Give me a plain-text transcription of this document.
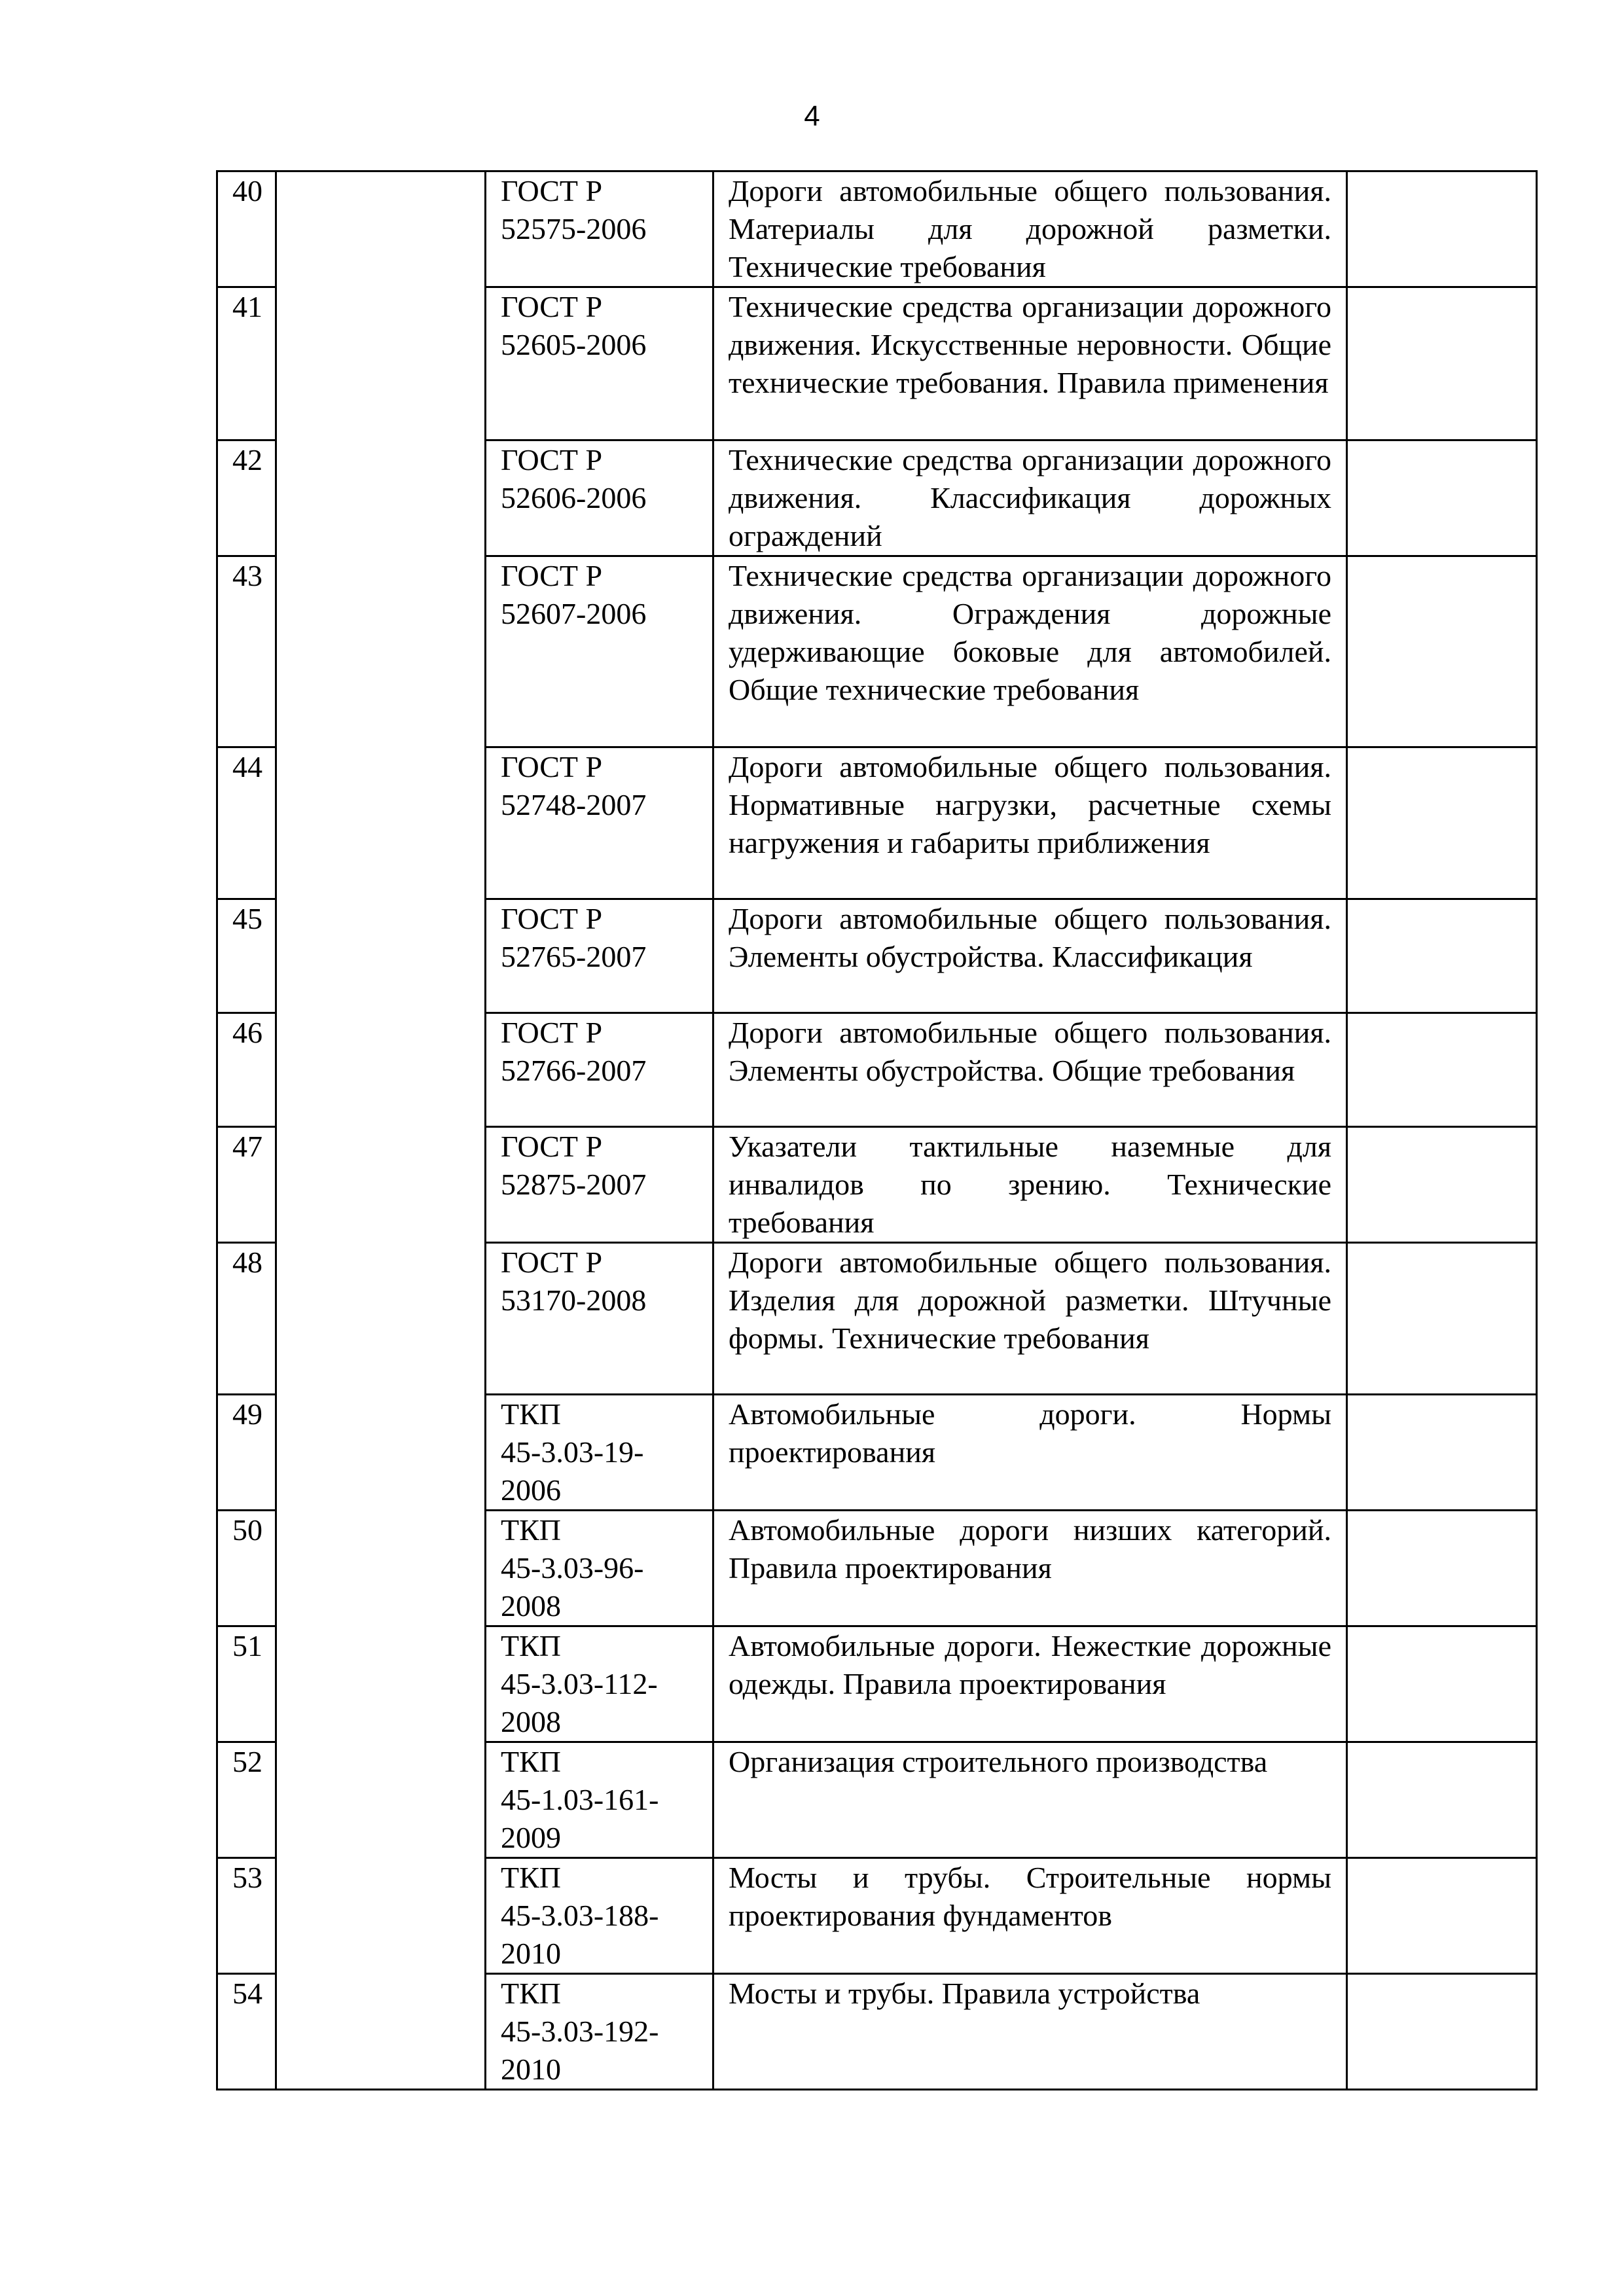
4
40		ГОСТ Р
52575-2006	Дороги автомобильные общего пользования. Материалы для дорожной разметки. Технические требования	
41		ГОСТ Р
52605-2006	Технические средства организации дорожного движения. Искусственные неровности. Общие технические требования. Правила применения	
42		ГОСТ Р
52606-2006	Технические средства организации дорожного движения. Классификация дорожных ограждений	
43		ГОСТ Р
52607-2006	Технические средства организации дорожного движения. Ограждения дорожные удерживающие боковые для автомобилей. Общие технические требования	
44		ГОСТ Р
52748-2007	Дороги автомобильные общего пользования. Нормативные нагрузки, расчетные схемы нагружения и габариты приближения	
45		ГОСТ Р
52765-2007	Дороги автомобильные общего пользования. Элементы обустройства. Классификация	
46		ГОСТ Р
52766-2007	Дороги автомобильные общего пользования. Элементы обустройства. Общие требования	
47		ГОСТ Р
52875-2007	Указатели тактильные наземные для инвалидов по зрению. Технические требования	
48		ГОСТ Р
53170-2008	Дороги автомобильные общего пользования. Изделия для дорожной разметки. Штучные формы. Технические требования	
49		ТКП
45-3.03-19-
2006	Автомобильные дороги. Нормы проектирования	
50		ТКП
45-3.03-96-
2008	Автомобильные дороги низших категорий. Правила проектирования	
51		ТКП
45-3.03-112-
2008	Автомобильные дороги. Нежесткие дорожные одежды. Правила проектирования	
52		ТКП
45-1.03-161-
2009	Организация строительного производства	
53		ТКП
45-3.03-188-
2010	Мосты и трубы. Строительные нормы проектирования фундаментов	
54		ТКП
45-3.03-192-
2010	Мосты и трубы. Правила устройства	
